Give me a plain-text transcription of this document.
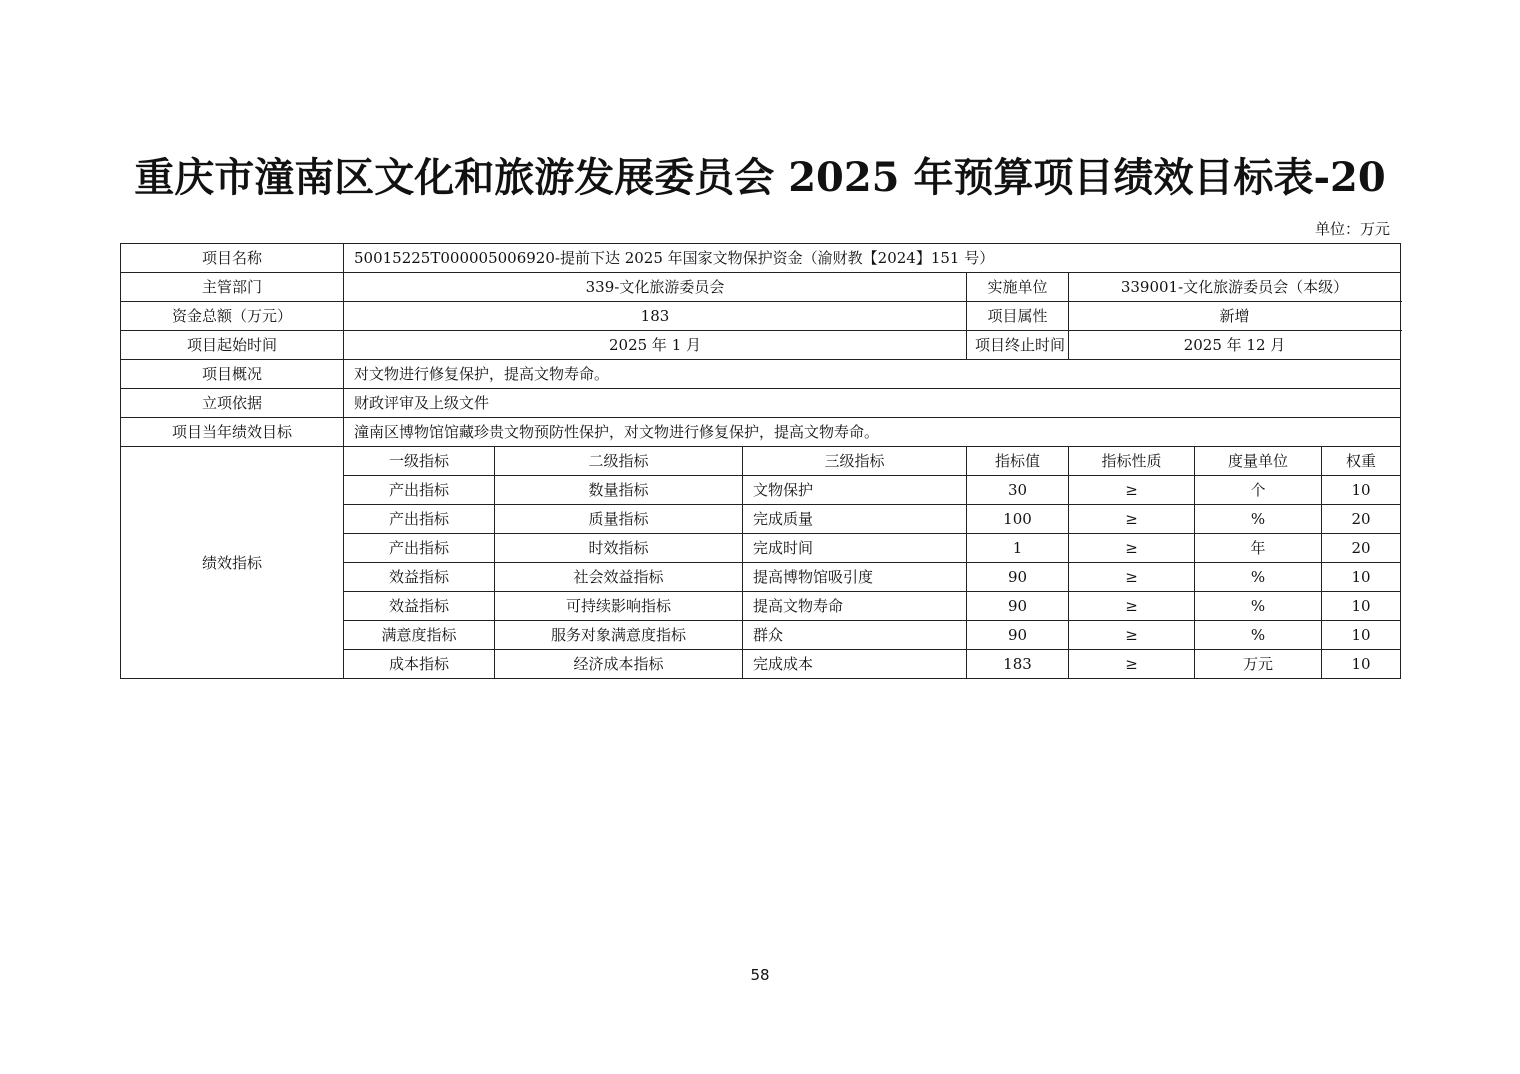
重庆市潼南区文化和旅游发展委员会 2025 年预算项目绩效目标表-20
单位：万元
项目名称	50015225T000005006920-提前下达 2025 年国家文物保护资金（渝财教【2024】151 号）						
主管部门	339-文化旅游委员会			实施单位	339001-文化旅游委员会（本级）		
资金总额（万元）	183			项目属性	新增		
项目起始时间	2025 年 1 月			项目终止时间	2025 年 12 月		
项目概况	对文物进行修复保护，提高文物寿命。						
立项依据	财政评审及上级文件						
项目当年绩效目标	潼南区博物馆馆藏珍贵文物预防性保护，对文物进行修复保护，提高文物寿命。						
绩效指标	一级指标	二级指标	三级指标	指标值	指标性质	度量单位	权重
	产出指标	数量指标	文物保护	30	≥	个	10
	产出指标	质量指标	完成质量	100	≥	%	20
	产出指标	时效指标	完成时间	1	≥	年	20
	效益指标	社会效益指标	提高博物馆吸引度	90	≥	%	10
	效益指标	可持续影响指标	提高文物寿命	90	≥	%	10
	满意度指标	服务对象满意度指标	群众	90	≥	%	10
	成本指标	经济成本指标	完成成本	183	≥	万元	10
58
